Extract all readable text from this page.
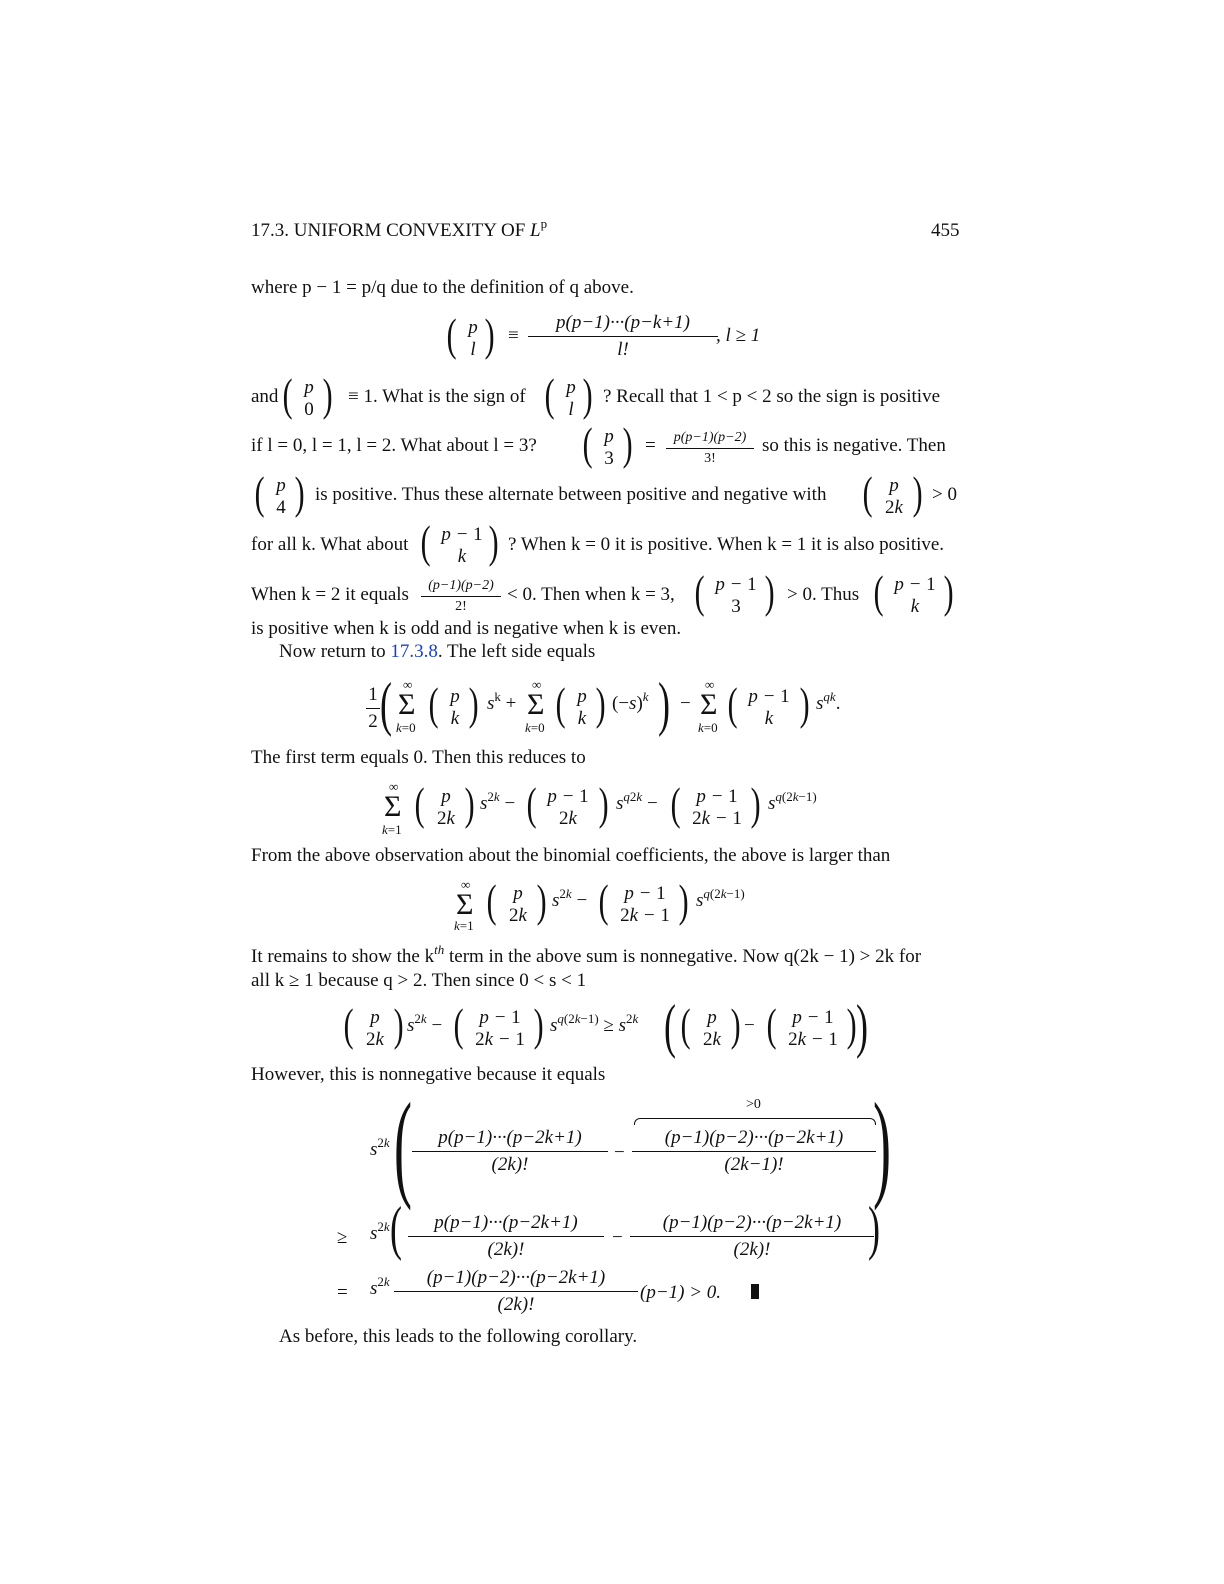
17.3. UNIFORM CONVEXITY OF $L^p$	455
where p − 1 = p/q due to the definition of q above.
( p
l ) ≡ $\frac{p(p-1)\cdot\cdot\cdot(p-k+1)}{l!}$
, l ≥ 1
and ( p
0 ) ≡ 1. What is the sign of ( p
l ) ? Recall that 1 < p < 2 so the sign is positive
if l = 0, l = 1, l = 2. What about l = 3? ( p
3 ) = $\frac{p(p-1)(p-2)}{3!}$ so this is negative. Then
( p
4 ) is positive. Thus these alternate between positive and negative with ( p
2k ) > 0
for all k. What about ( p − 1
k ) ? When k = 0 it is positive. When k = 1 it is also positive.
When k = 2 it equals $\frac{(p-1)(p-2)}{2!} < 0$. Then when k = 3, ( p − 1
3 ) > 0. Thus ( p − 1
k )
is positive when k is odd and is negative when k is even.
Now return to 17.3.8. The left side equals
$\frac{1}{2}$ ( ∞
Σ
k=0 ( p
k ) $s^k$ +
∞
Σ
k=0 ( p
k ) $(-s)^k$ ) −
∞
Σ
k=0 ( p − 1
k ) $s^{qk}$.
The first term equals 0. Then this reduces to
∞
Σ
k=1
( p
2k ) $s^{2k}$ − ( p − 1
2k ) $s^{q2k}$ − ( p − 1
2k − 1 ) $s^{q(2k-1)}$
From the above observation about the binomial coefficients, the above is larger than
∞
Σ
k=1 ( p
2k ) $s^{2k}$ − ( p − 1
2k − 1 ) $s^{q(2k-1)}$
It remains to show the $k^{th}$ term in the above sum is nonnegative. Now q(2k − 1) > 2k for
all k ≥ 1 because q > 2. Then since 0 < s < 1
( p
2k ) $s^{2k}$ − ( p − 1
2k − 1 ) $s^{q(2k-1)} \ge s^{2k}$ ( ( p
2k ) − ( p − 1
2k − 1 ) )
However, this is nonnegative because it equals
$s^{2k}$ ( $\frac{p(p-1)\cdot\cdot\cdot(p-2k+1)}{(2k)!}$ −
>0
$\frac{(p-1)(p-2)\cdot\cdot\cdot(p-2k+1)}{(2k-1)!}$
)
≥ $s^{2k}$ ( $\frac{p(p-1)\cdot\cdot\cdot(p-2k+1)}{(2k)!} - \frac{(p-1)(p-2)\cdot\cdot\cdot(p-2k+1)}{(2k)!}$
)
= $s^{2k} \frac{(p-1)(p-2)\cdot\cdot\cdot(p-2k+1)}{(2k)!} (p-1) > 0$.
As before, this leads to the following corollary.
